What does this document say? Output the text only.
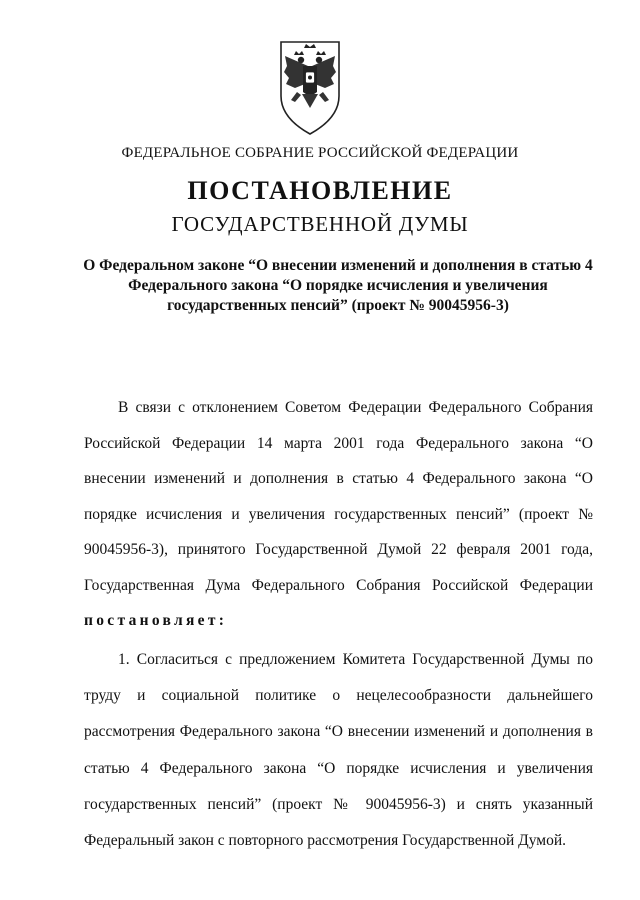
ФЕДЕРАЛЬНОЕ СОБРАНИЕ РОССИЙСКОЙ ФЕДЕРАЦИИ
ПОСТАНОВЛЕНИЕ
ГОСУДАРСТВЕННОЙ ДУМЫ
О Федеральном законе “О внесении изменений и дополнения в статью 4 Федерального закона “О порядке исчисления и увеличения государственных пенсий” (проект № 90045956-3)

В связи с отклонением Советом Федерации Федерального Собрания Российской Федерации 14 марта 2001 года Федерального закона “О внесении изменений и дополнения в статью 4 Федерального закона “О порядке исчисления и увеличения государственных пенсий” (проект № 90045956-3), принятого Государственной Думой 22 февраля 2001 года, Государственная Дума Федерального Собрания Российской Федерации постановляет:

1. Согласиться с предложением Комитета Государственной Думы по труду и социальной политике о нецелесообразности дальнейшего рассмотрения Федерального закона “О внесении изменений и дополнения в статью 4 Федерального закона “О порядке исчисления и увеличения государственных пенсий” (проект № 90045956-3) и снять указанный Федеральный закон с повторного рассмотрения Государственной Думой.
